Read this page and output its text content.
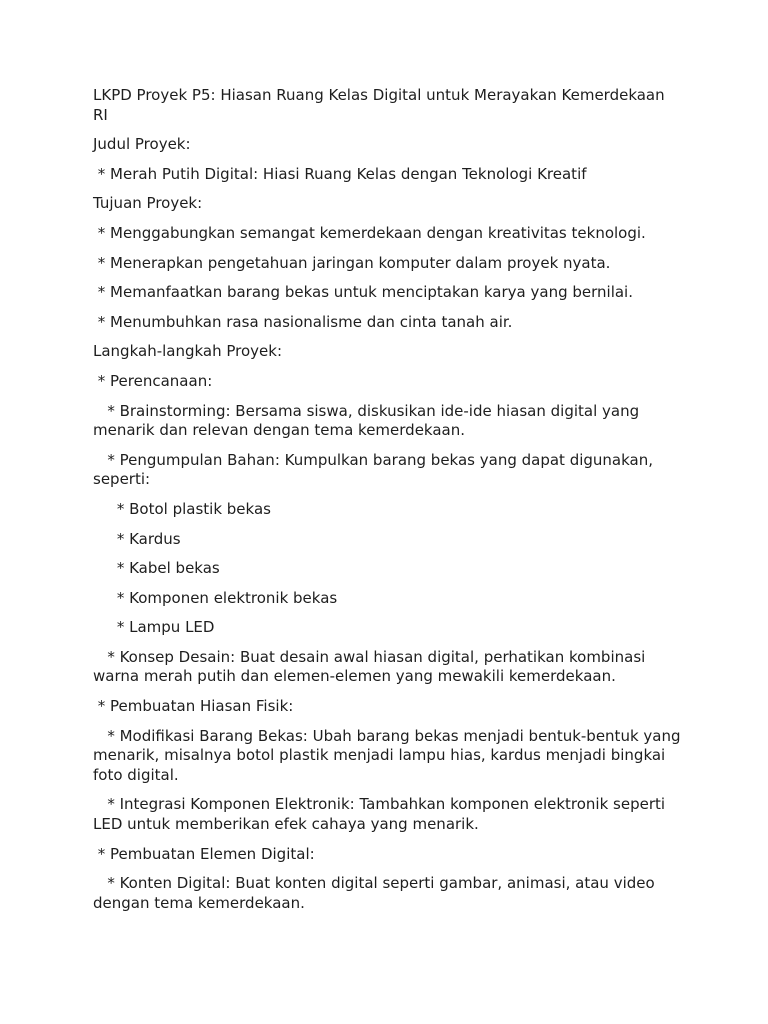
LKPD Proyek P5: Hiasan Ruang Kelas Digital untuk Merayakan Kemerdekaan RI

Judul Proyek:

* Merah Putih Digital: Hiasi Ruang Kelas dengan Teknologi Kreatif

Tujuan Proyek:

* Menggabungkan semangat kemerdekaan dengan kreativitas teknologi.

* Menerapkan pengetahuan jaringan komputer dalam proyek nyata.

* Memanfaatkan barang bekas untuk menciptakan karya yang bernilai.

* Menumbuhkan rasa nasionalisme dan cinta tanah air.

Langkah-langkah Proyek:

* Perencanaan:

* Brainstorming: Bersama siswa, diskusikan ide-ide hiasan digital yang menarik dan relevan dengan tema kemerdekaan.

* Pengumpulan Bahan: Kumpulkan barang bekas yang dapat digunakan, seperti:

* Botol plastik bekas

* Kardus

* Kabel bekas

* Komponen elektronik bekas

* Lampu LED

* Konsep Desain: Buat desain awal hiasan digital, perhatikan kombinasi warna merah putih dan elemen-elemen yang mewakili kemerdekaan.

* Pembuatan Hiasan Fisik:

* Modifikasi Barang Bekas: Ubah barang bekas menjadi bentuk-bentuk yang menarik, misalnya botol plastik menjadi lampu hias, kardus menjadi bingkai foto digital.

* Integrasi Komponen Elektronik: Tambahkan komponen elektronik seperti LED untuk memberikan efek cahaya yang menarik.

* Pembuatan Elemen Digital:

* Konten Digital: Buat konten digital seperti gambar, animasi, atau video dengan tema kemerdekaan.
